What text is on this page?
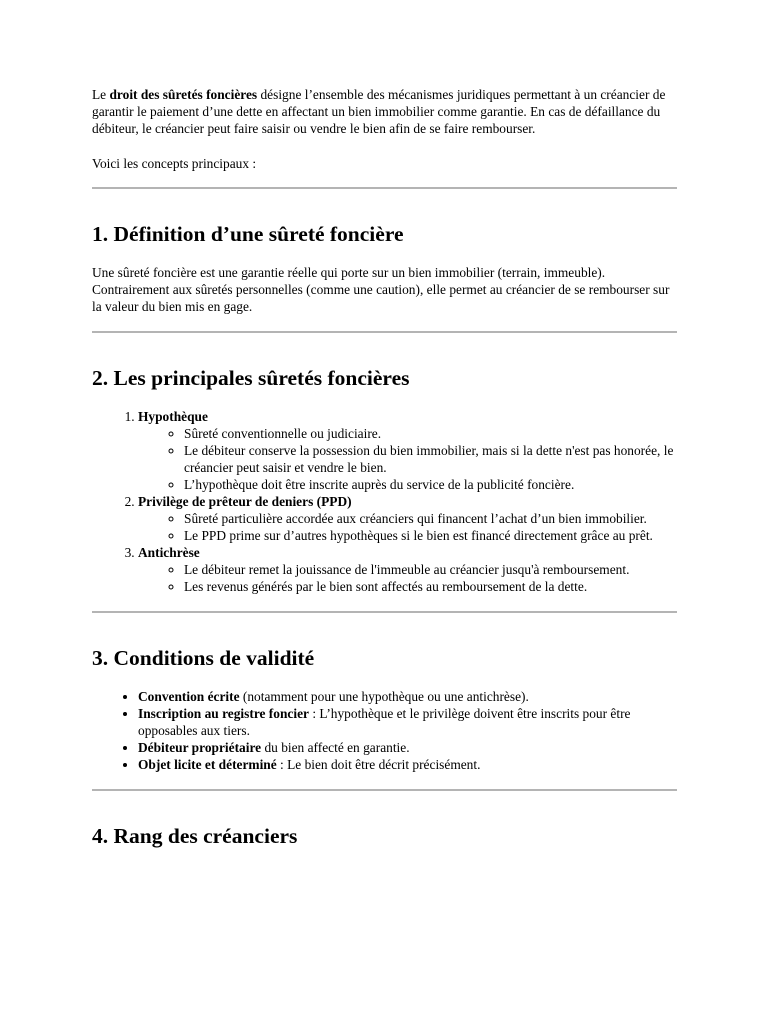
Le droit des sûretés foncières désigne l’ensemble des mécanismes juridiques permettant à un créancier de garantir le paiement d’une dette en affectant un bien immobilier comme garantie. En cas de défaillance du débiteur, le créancier peut faire saisir ou vendre le bien afin de se faire rembourser.

Voici les concepts principaux :

1. Définition d’une sûreté foncière

Une sûreté foncière est une garantie réelle qui porte sur un bien immobilier (terrain, immeuble). Contrairement aux sûretés personnelles (comme une caution), elle permet au créancier de se rembourser sur la valeur du bien mis en gage.

2. Les principales sûretés foncières
1. Hypothèque
◦ Sûreté conventionnelle ou judiciaire.
◦ Le débiteur conserve la possession du bien immobilier, mais si la dette n'est pas honorée, le créancier peut saisir et vendre le bien.
◦ L’hypothèque doit être inscrite auprès du service de la publicité foncière.
2. Privilège de prêteur de deniers (PPD)
◦ Sûreté particulière accordée aux créanciers qui financent l’achat d’un bien immobilier.
◦ Le PPD prime sur d’autres hypothèques si le bien est financé directement grâce au prêt.
3. Antichrèse
◦ Le débiteur remet la jouissance de l'immeuble au créancier jusqu'à remboursement.
◦ Les revenus générés par le bien sont affectés au remboursement de la dette.
3. Conditions de validité
• Convention écrite (notamment pour une hypothèque ou une antichrèse).
• Inscription au registre foncier : L’hypothèque et le privilège doivent être inscrits pour être opposables aux tiers.
• Débiteur propriétaire du bien affecté en garantie.
• Objet licite et déterminé : Le bien doit être décrit précisément.
4. Rang des créanciers
